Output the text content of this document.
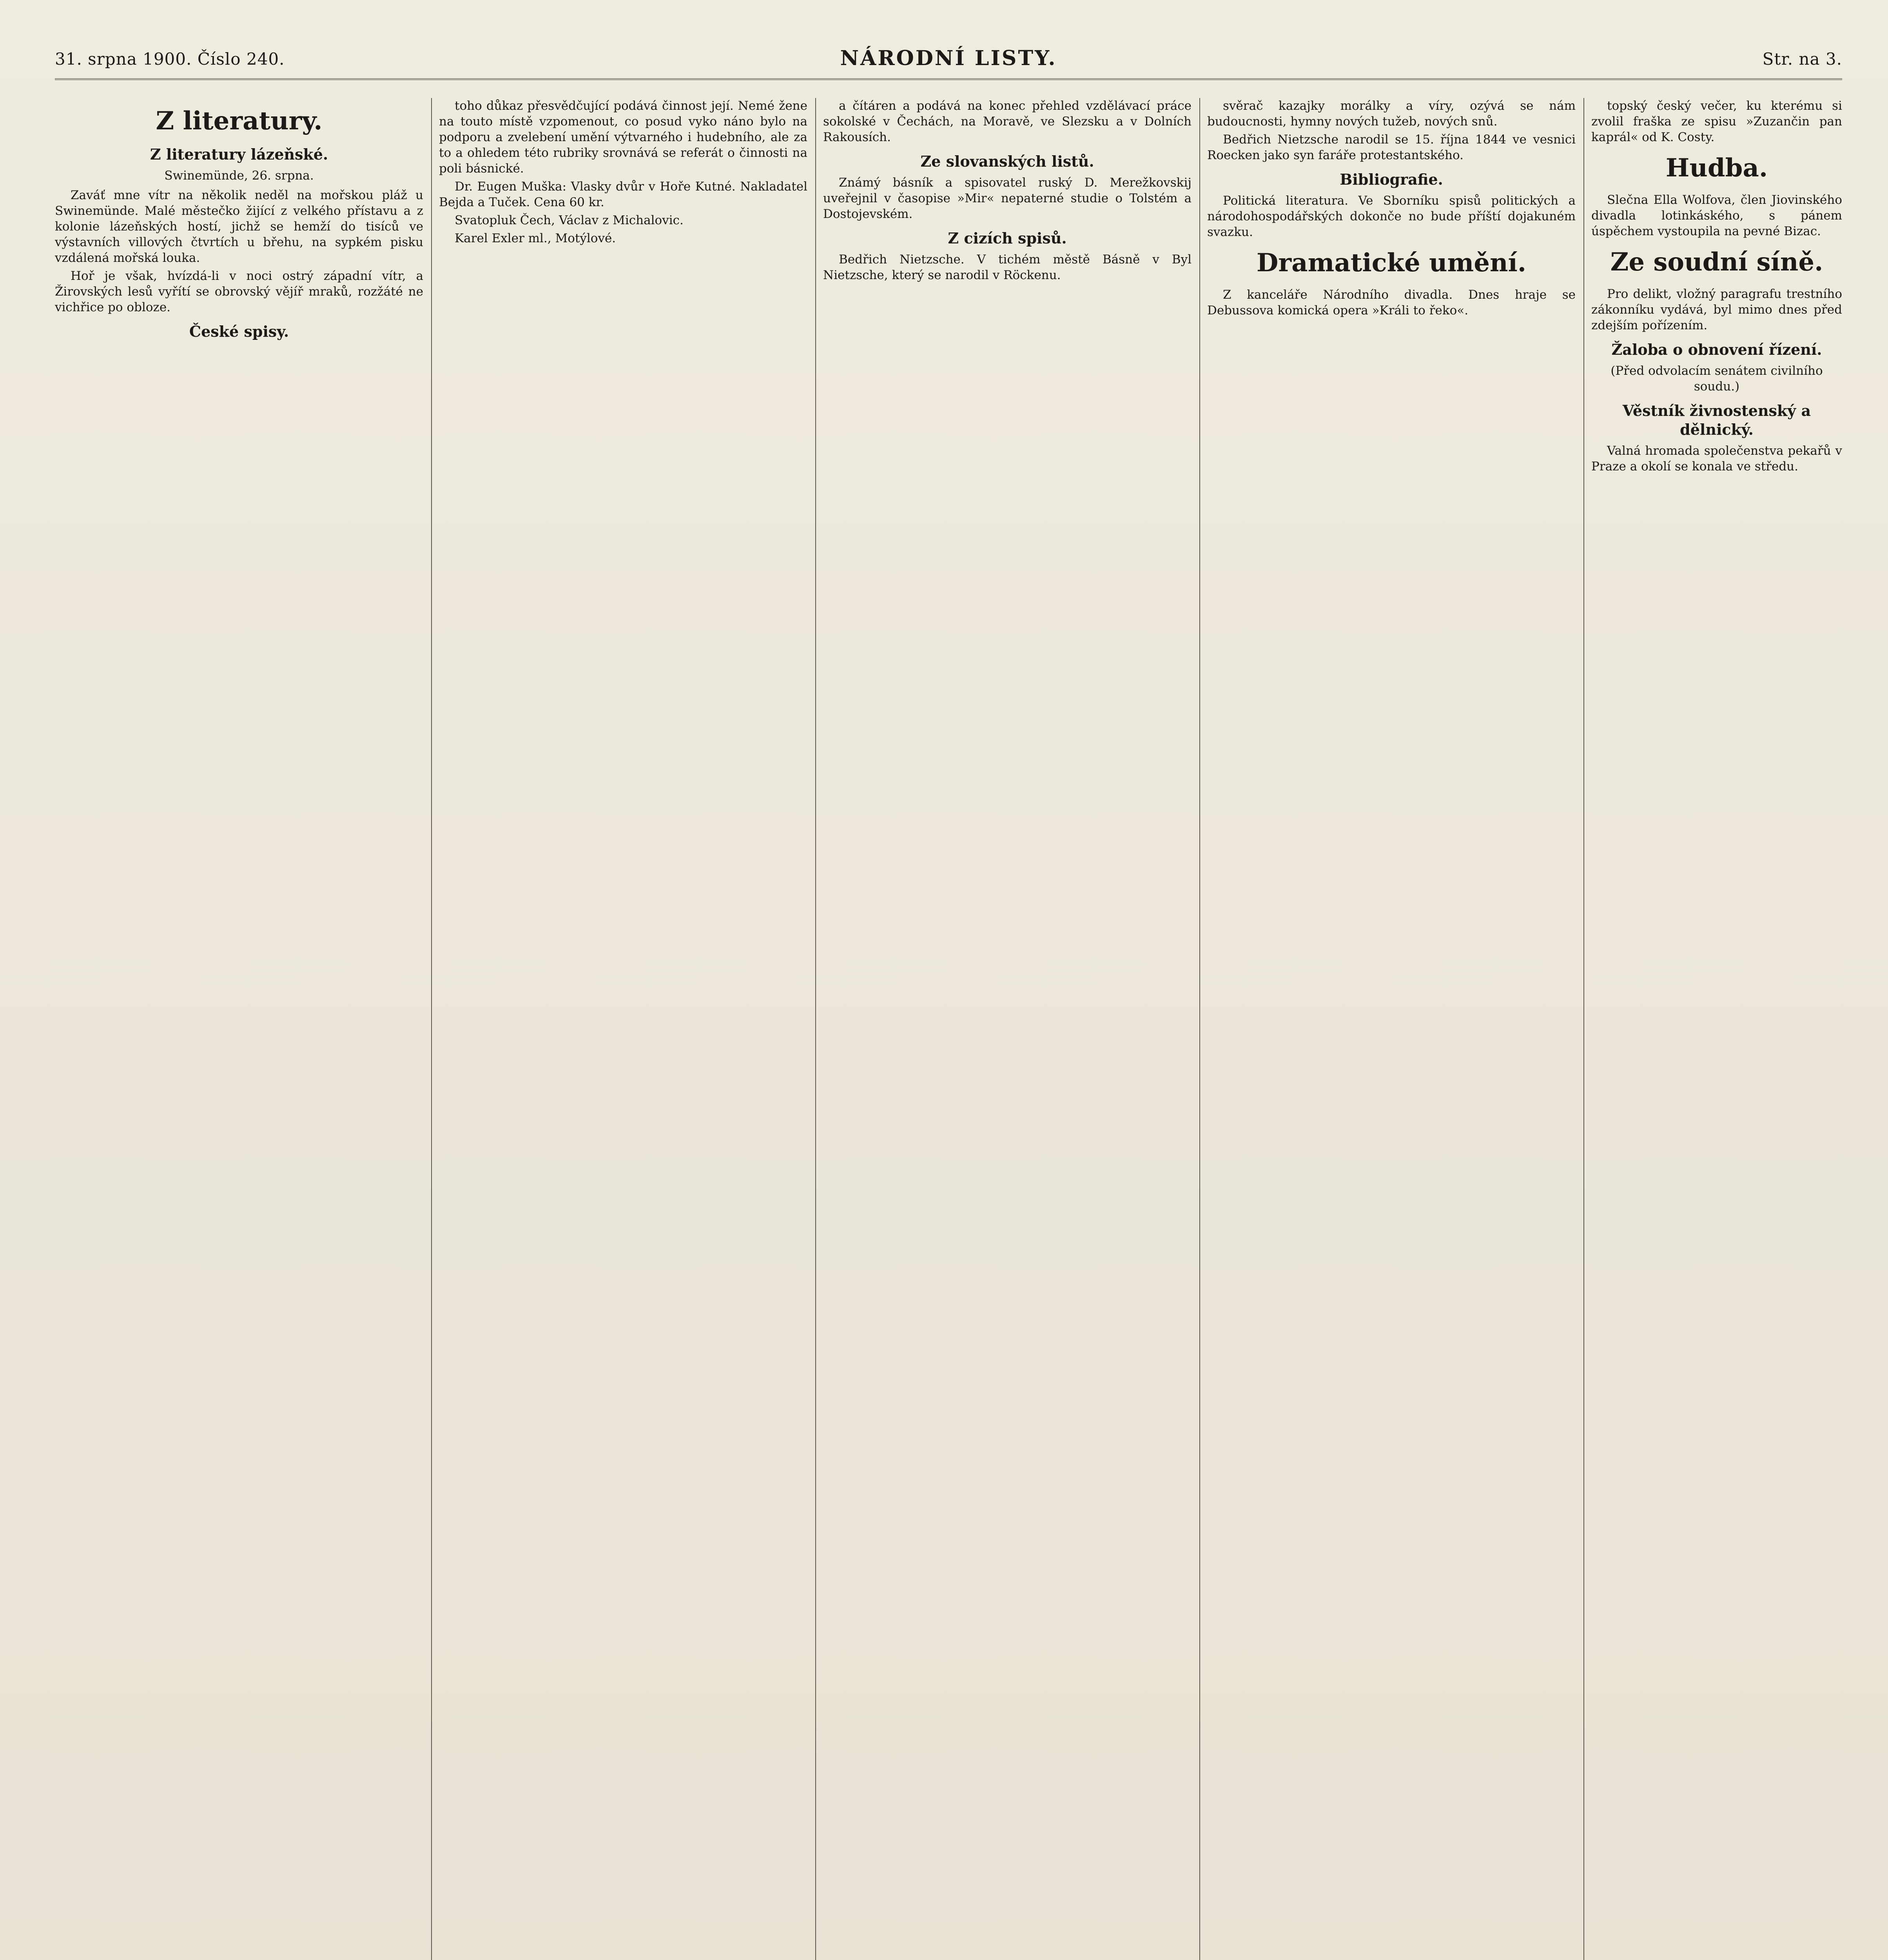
31. srpna 1900. Číslo 240.	NÁRODNÍ LISTY.	Str. na 3.
Z literatury.
Z literatury lázeňské.
Swinemünde, 26. srpna.

Zaváť mne vítr na několik neděl na mořskou pláž u Swinemünde. Malé městečko žijící z velkého přístavu a z kolonie lázeňských hostí, jichž se hemží do tisíců ve výstavních villových čtvrtích u břehu, na sypkém pisku vzdálená mořská louka.

Hoř je však, hvízdá-li v noci ostrý západní vítr, a Žirovských lesů vyřítí se obrovský vějíř mraků, rozžáté ne vichřice po obloze.

České spisy.

toho důkaz přesvědčující podává činnost její. Nemé žene na touto místě vzpomenout, co posud vyko náno bylo na podporu a zvelebení umění výtvarného i hudebního, ale za to a ohledem této rubriky srovnává se referát o činnosti na poli básnické.

Dr. Eugen Muška: Vlasky dvůr v Hoře Kutné. Nakladatel Bejda a Tuček. Cena 60 kr.

Svatopluk Čech, Václav z Michalovic.

Karel Exler ml., Motýlové.

a čítáren a podává na konec přehled vzdělávací práce sokolské v Čechách, na Moravě, ve Slezsku a v Dolních Rakousích.

Ze slovanských listů.

Známý básník a spisovatel ruský D. Merežkovskij uveřejnil v časopise »Mir« nepaterné studie o Tolstém a Dostojevském.

Z cizích spisů.

Bedřich Nietzsche. V tichém městě Básně v Byl Nietzsche, který se narodil v Röckenu.

svěrač kazajky morálky a víry, ozývá se nám budoucnosti, hymny nových tužeb, nových snů.

Bedřich Nietzsche narodil se 15. října 1844 ve vesnici Roecken jako syn faráře protestantského.

Bibliografie.

Politická literatura. Ve Sborníku spisů politických a národohospodářských dokonče no bude příští dojakuném svazku.

Dramatické umění.

Z kanceláře Národního divadla. Dnes hraje se Debussova komická opera »Králi to řeko«.

topský český večer, ku kterému si zvolil fraška ze spisu »Zuzančin pan kaprál« od K. Costy.

Hudba.

Slečna Ella Wolfova, člen Jiovinského divadla lotinkáského, s pánem úspěchem vystoupila na pevné Bizac.

Ze soudní síně.

Pro delikt, vložný paragrafu trestního zákonníku vydává, byl mimo dnes před zdejším pořízením.

Žaloba o obnovení řízení.
(Před odvolacím senátem civilního soudu.)
Věstník živnostenský a dělnický.

Valná hromada společenstva pekařů v Praze a okolí se konala ve středu.
